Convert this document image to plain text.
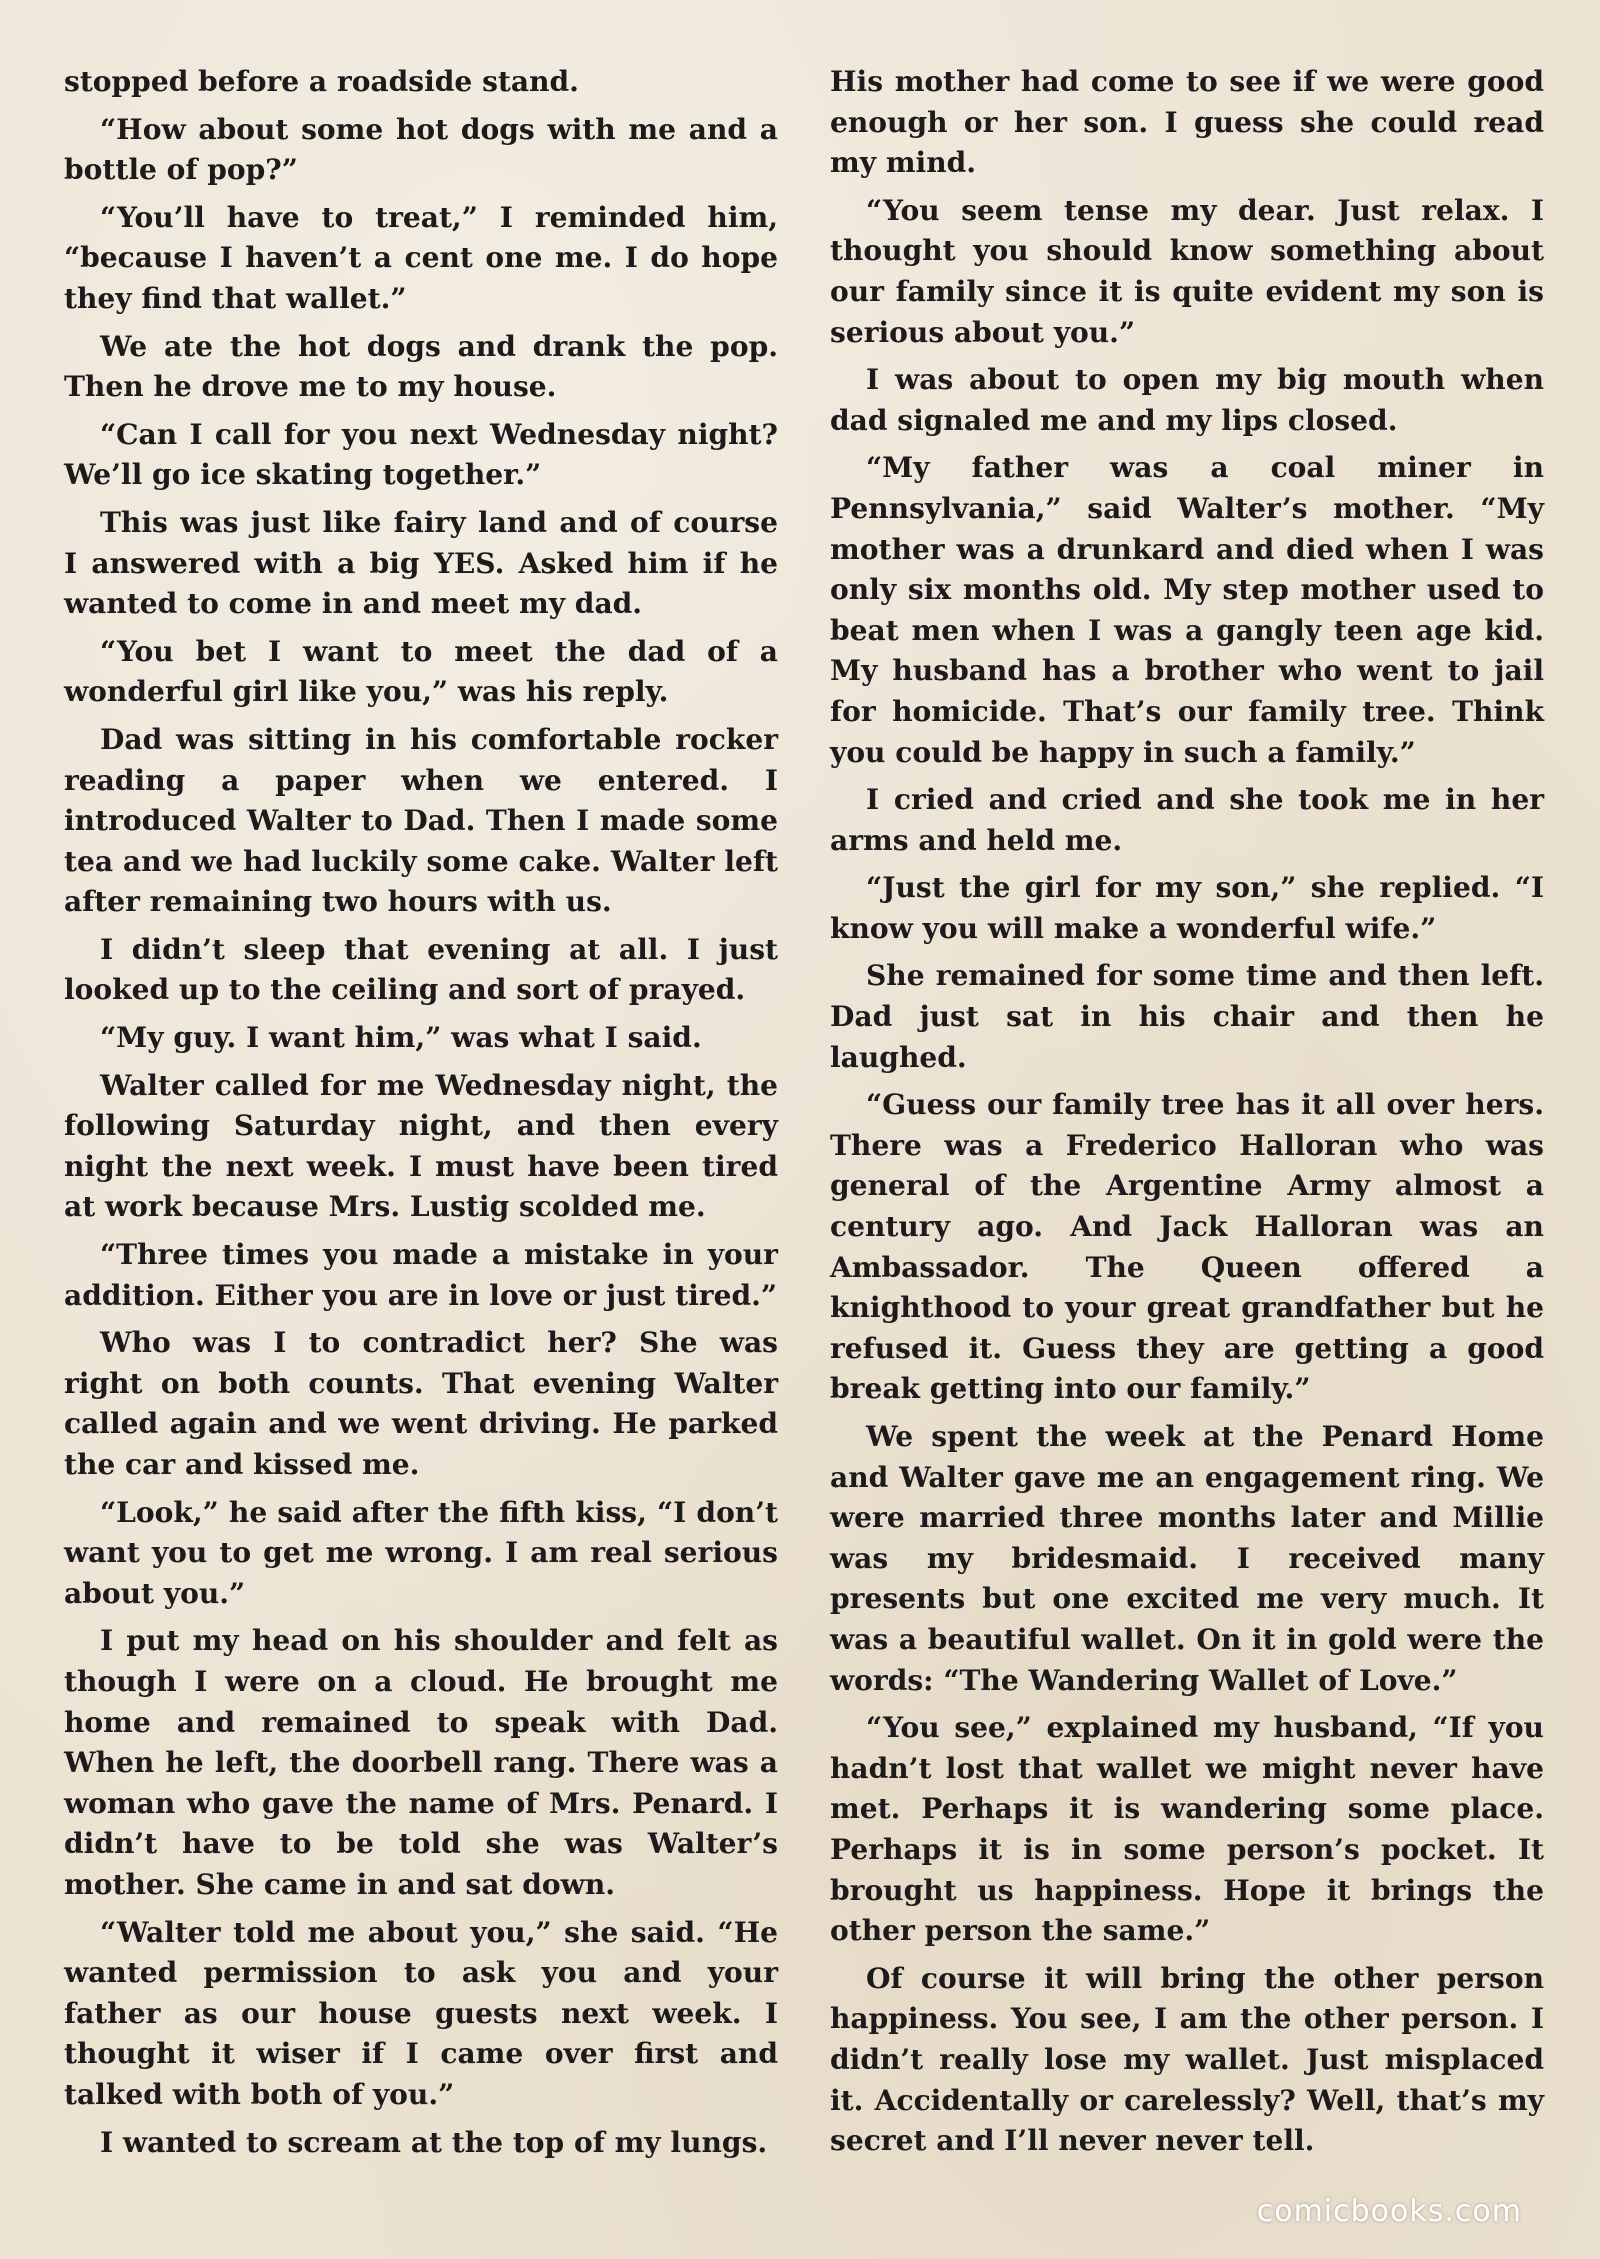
stopped before a roadside stand.

“How about some hot dogs with me and a bottle of pop?”

“You’ll have to treat,” I reminded him, “because I haven’t a cent one me. I do hope they find that wallet.”

We ate the hot dogs and drank the pop. Then he drove me to my house.

“Can I call for you next Wednesday night? We’ll go ice skating together.”

This was just like fairy land and of course I answered with a big YES. Asked him if he wanted to come in and meet my dad.

“You bet I want to meet the dad of a wonderful girl like you,” was his reply.

Dad was sitting in his comfortable rocker reading a paper when we entered. I introduced Walter to Dad. Then I made some tea and we had luckily some cake. Walter left after remaining two hours with us.

I didn’t sleep that evening at all. I just looked up to the ceiling and sort of prayed.

“My guy. I want him,” was what I said.

Walter called for me Wednesday night, the following Saturday night, and then every night the next week. I must have been tired at work because Mrs. Lustig scolded me.

“Three times you made a mistake in your addition. Either you are in love or just tired.”

Who was I to contradict her? She was right on both counts. That evening Walter called again and we went driving. He parked the car and kissed me.

“Look,” he said after the fifth kiss, “I don’t want you to get me wrong. I am real serious about you.”

I put my head on his shoulder and felt as though I were on a cloud. He brought me home and remained to speak with Dad. When he left, the doorbell rang. There was a woman who gave the name of Mrs. Penard. I didn’t have to be told she was Walter’s mother. She came in and sat down.

“Walter told me about you,” she said. “He wanted permission to ask you and your father as our house guests next week. I thought it wiser if I came over first and talked with both of you.”

I wanted to scream at the top of my lungs.

His mother had come to see if we were good enough or her son. I guess she could read my mind.

“You seem tense my dear. Just relax. I thought you should know something about our family since it is quite evident my son is serious about you.”

I was about to open my big mouth when dad signaled me and my lips closed.

“My father was a coal miner in Pennsylvania,” said Walter’s mother. “My mother was a drunkard and died when I was only six months old. My step mother used to beat men when I was a gangly teen age kid. My husband has a brother who went to jail for homicide. That’s our family tree. Think you could be happy in such a family.”

I cried and cried and she took me in her arms and held me.

“Just the girl for my son,” she replied. “I know you will make a wonderful wife.”

She remained for some time and then left. Dad just sat in his chair and then he laughed.

“Guess our family tree has it all over hers. There was a Frederico Halloran who was general of the Argentine Army almost a century ago. And Jack Halloran was an Ambassador. The Queen offered a knighthood to your great grandfather but he refused it. Guess they are getting a good break getting into our family.”

We spent the week at the Penard Home and Walter gave me an engagement ring. We were married three months later and Millie was my bridesmaid. I received many presents but one excited me very much. It was a beautiful wallet. On it in gold were the words: “The Wandering Wallet of Love.”

“You see,” explained my husband, “If you hadn’t lost that wallet we might never have met. Perhaps it is wandering some place. Perhaps it is in some person’s pocket. It brought us happiness. Hope it brings the other person the same.”

Of course it will bring the other person happiness. You see, I am the other person. I didn’t really lose my wallet. Just misplaced it. Accidentally or carelessly? Well, that’s my secret and I’ll never never tell.

comicbooks.com
